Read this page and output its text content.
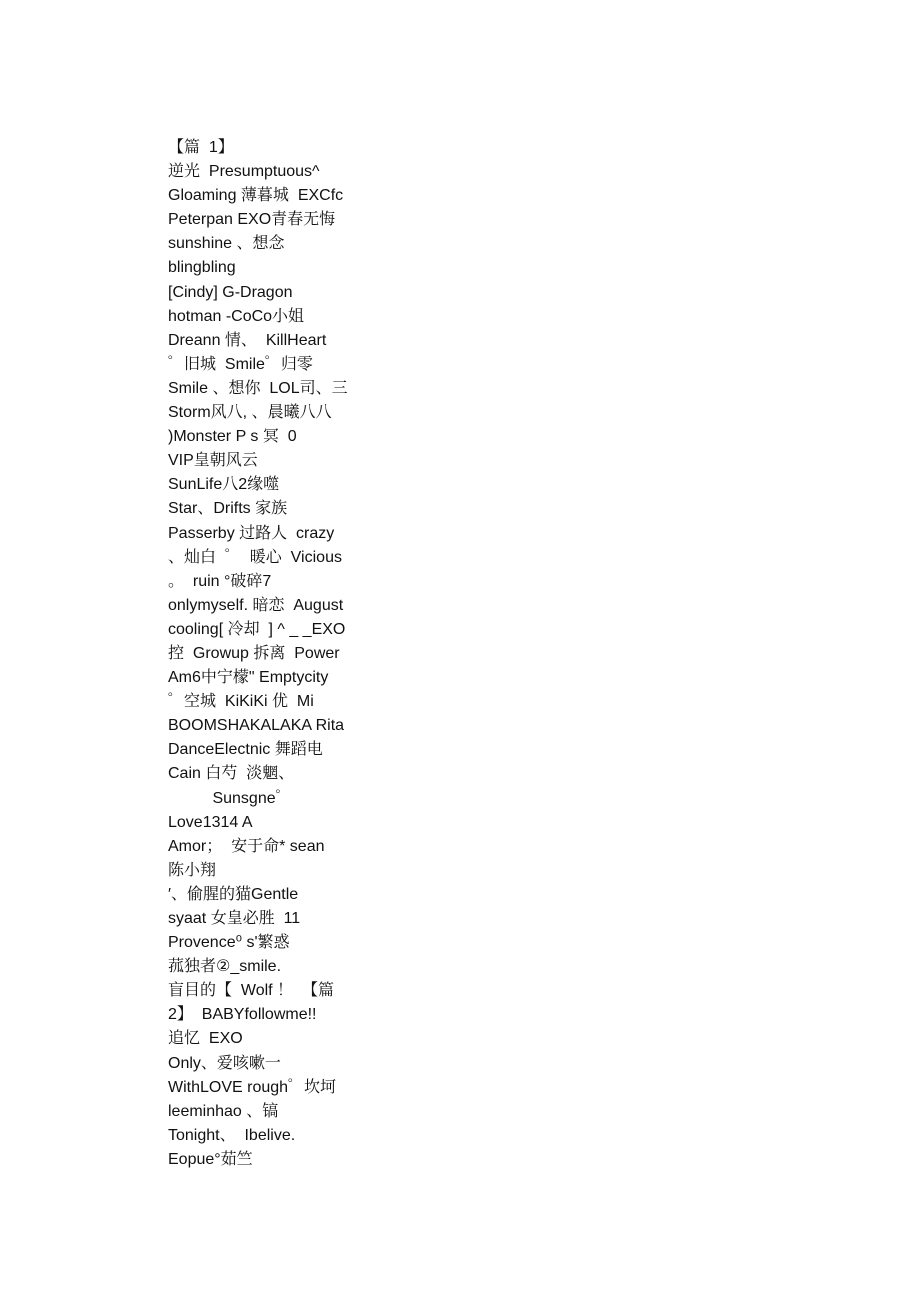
【篇  1】
逆光  Presumptuous^
Gloaming 薄暮城  EXCfc
Peterpan EXO青春无悔
sunshine 、想念
blingbling
[Cindy] G-Dragon
hotman -CoCo小姐
Dreann 情、  KillHeart
゜旧城  Smile゜归零
Smile 、想你  LOL司、三
Storm风八, 、晨曦八八
)Monster P s 冥  0
VIP皇朝风云
SunLife八2缘噬
Star、Drifts 家族
Passerby 过路人  crazy
、灿白  ゜  暖心  Vicious
。  ruin °破碎7
onlymyself. 暗恋  August
cooling[ 冷却  ] ^ _ _EXO
控  Growup 拆离  Power
Am6中宁檬" Emptycity
゜空城  KiKiKi 优  Mi
BOOMSHAKALAKA Rita
DanceElectnic 舞蹈电
Cain 白芍  淡魍、
Sunsgne゜
Love1314 A
Amor；  安于命* sean
陈小翔
′、偷腥的猫Gentle
syaat 女皇必胜  11
Provence⁰ s'繁惑
菰独者②_smile.
盲目的【  Wolf ！  【篇
2】  BABYfollowme!!
追忆  EXO
Only、爱咳嗽一
WithLOVE rough゜坎坷
leeminhao 、镐
Tonight、  Ibelive.
Eopue°茹竺
